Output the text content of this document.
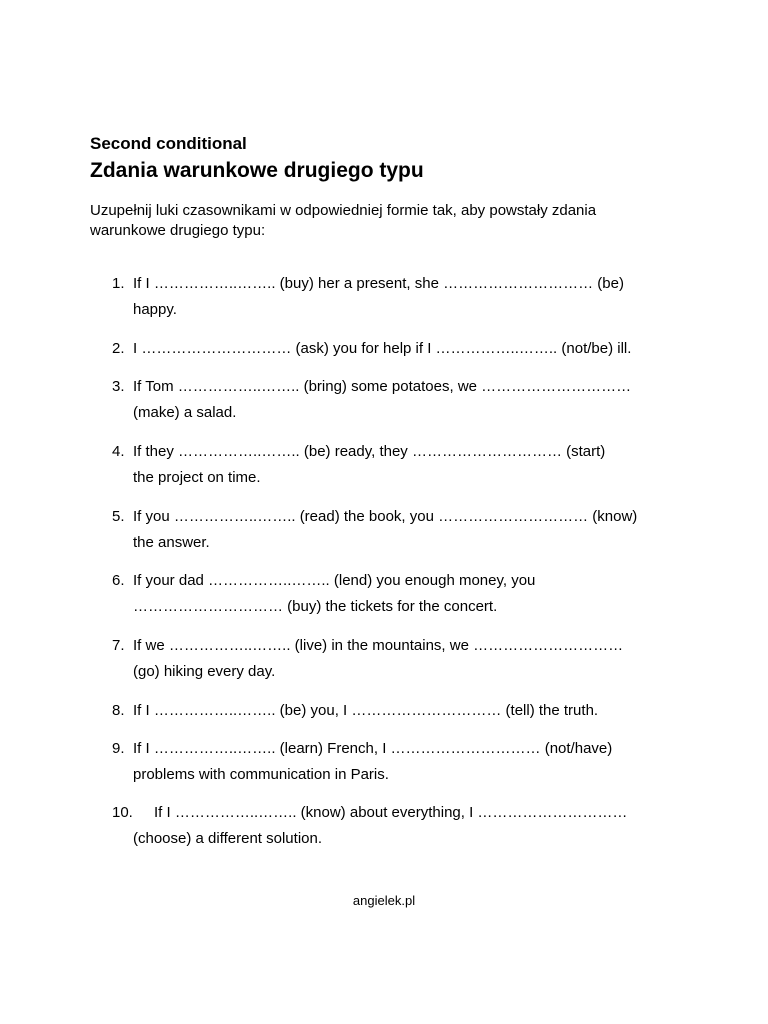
Second conditional
Zdania warunkowe drugiego typu
Uzupełnij luki czasownikami w odpowiedniej formie tak, aby powstały zdania
warunkowe drugiego typu:
1. If I ……………..…….. (buy) her a present, she ………………………… (be)
happy.
2. I ………………………… (ask) you for help if I ……………..…….. (not/be) ill.
3. If Tom ……………..…….. (bring) some potatoes, we …………………………
(make) a salad.
4. If they ……………..…….. (be) ready, they ………………………… (start)
the project on time.
5. If you ……………..…….. (read) the book, you ………………………… (know)
the answer.
6. If your dad ……………..…….. (lend) you enough money, you
………………………… (buy) the tickets for the concert.
7. If we ……………..…….. (live) in the mountains, we …………………………
(go) hiking every day.
8. If I ……………..…….. (be) you, I ………………………… (tell) the truth.
9. If I ……………..…….. (learn) French, I ………………………… (not/have)
problems with communication in Paris.
10. If I ……………..…….. (know) about everything, I …………………………
(choose) a different solution.
angielek.pl
